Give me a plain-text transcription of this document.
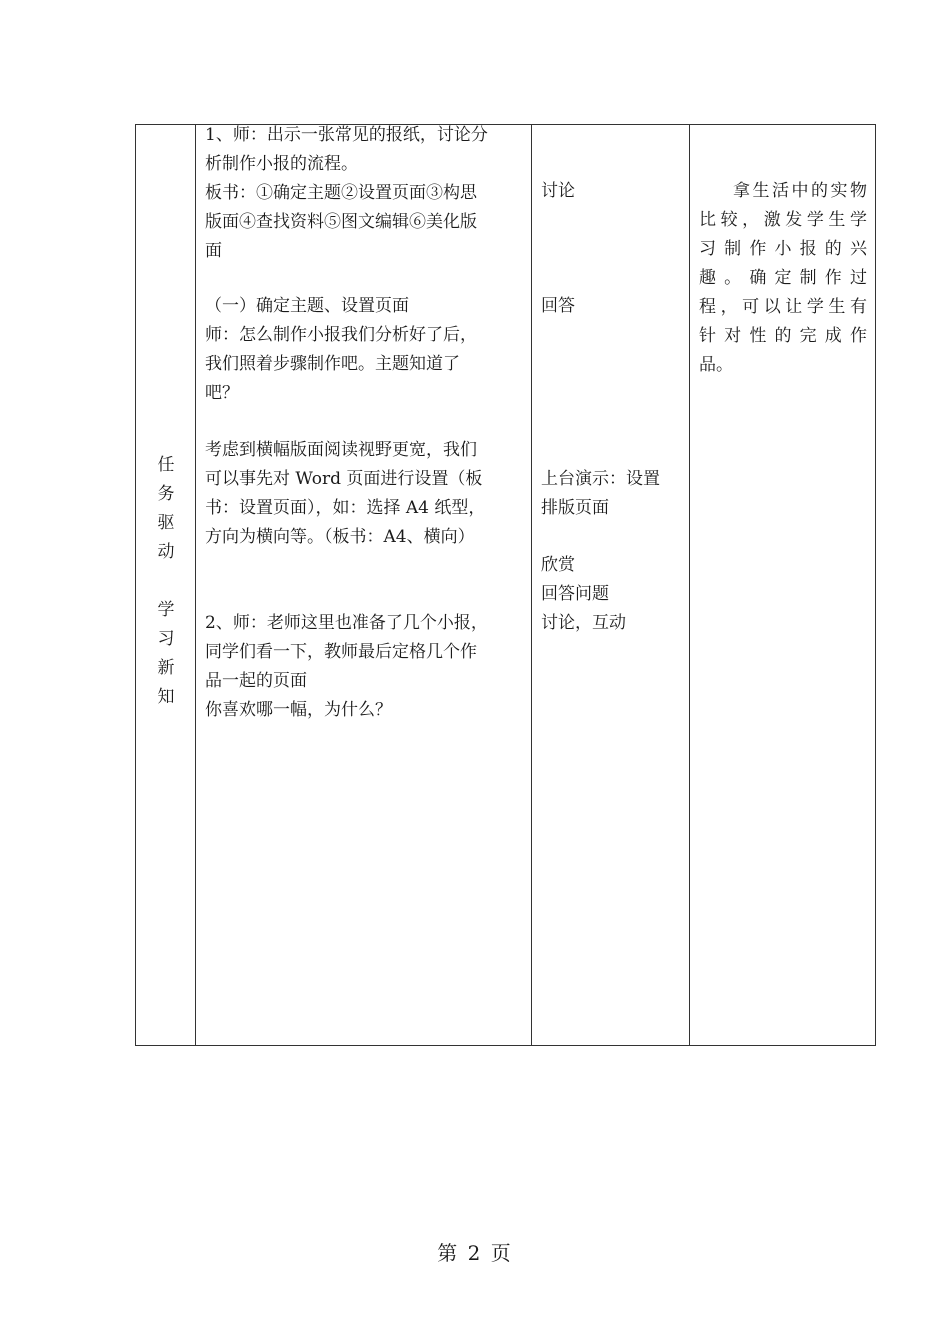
任
务
驱
动
学
习
新
知

1、师：出示一张常见的报纸，讨论分
析制作小报的流程。
板书：①确定主题②设置页面③构思
版面④查找资料⑤图文编辑⑥美化版
面

（一）确定主题、设置页面
师：怎么制作小报我们分析好了后，
我们照着步骤制作吧。主题知道了
吧？

考虑到横幅版面阅读视野更宽，我们
可以事先对 Word 页面进行设置（板
书：设置页面），如：选择 A4 纸型，
方向为横向等。（板书：A4、横向）

2、师：老师这里也准备了几个小报，
同学们看一下，教师最后定格几个作
品一起的页面
你喜欢哪一幅，为什么？

讨论

回答

上台演示：设置
排版页面

欣赏
回答问题
讨论，互动

拿 生 活 中 的 实 物
比 较 ， 激 发 学 生 学
习 制 作 小 报 的 兴
趣 。 确 定 制 作 过
程 ， 可 以 让 学 生 有
针 对 性 的 完 成 作
品。
第 2 页
